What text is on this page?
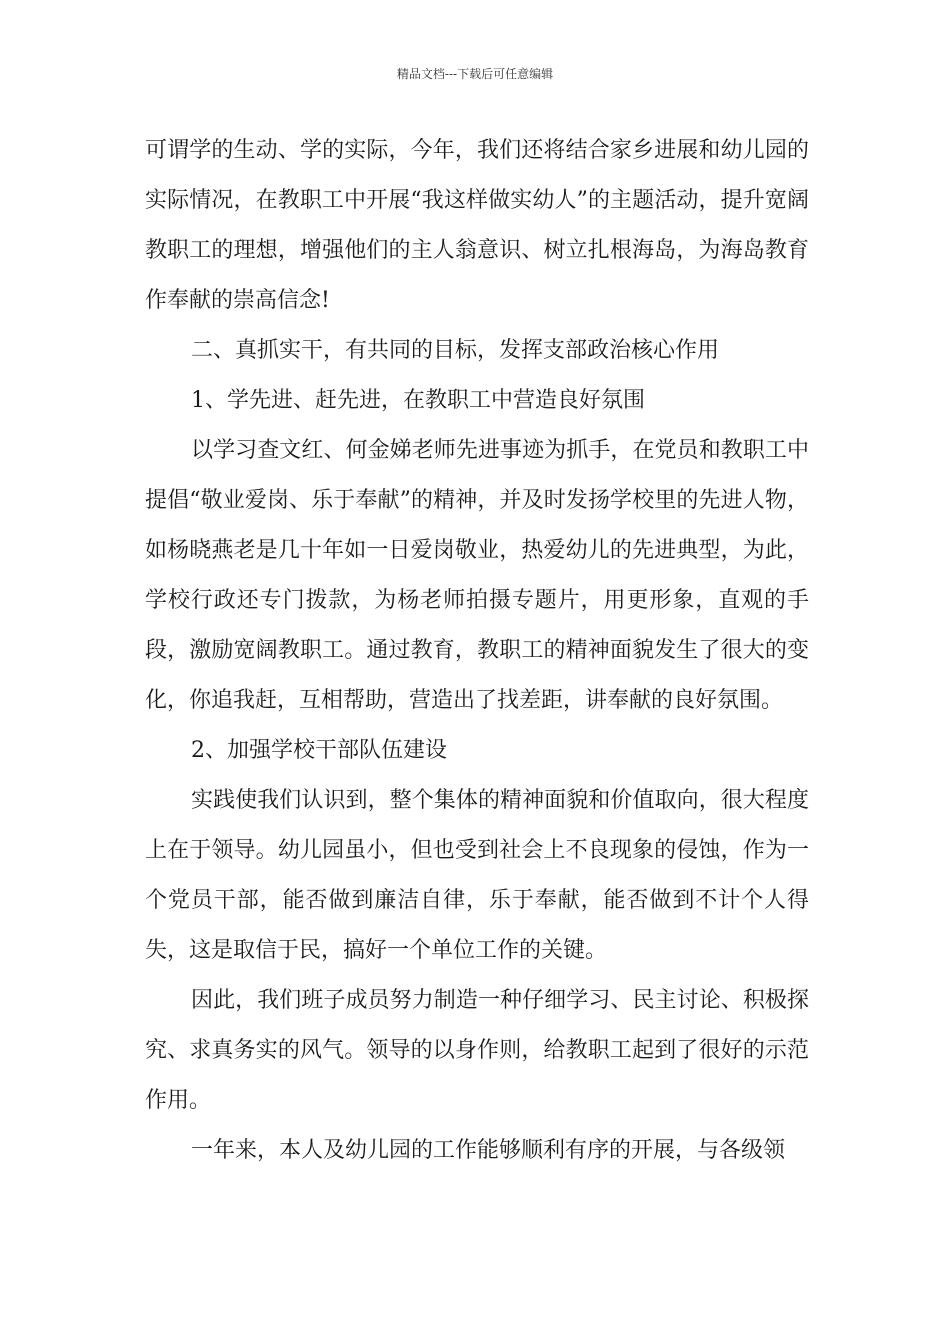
精品文档---下载后可任意编辑

可谓学的生动、学的实际，今年，我们还将结合家乡进展和幼儿园的实际情况，在教职工中开展“我这样做实幼人”的主题活动，提升宽阔教职工的理想，增强他们的主人翁意识、树立扎根海岛，为海岛教育作奉献的崇高信念!

二、真抓实干，有共同的目标，发挥支部政治核心作用

1、学先进、赶先进，在教职工中营造良好氛围

以学习查文红、何金娣老师先进事迹为抓手，在党员和教职工中提倡“敬业爱岗、乐于奉献”的精神，并及时发扬学校里的先进人物，如杨晓燕老是几十年如一日爱岗敬业，热爱幼儿的先进典型，为此，学校行政还专门拨款，为杨老师拍摄专题片，用更形象，直观的手段，激励宽阔教职工。通过教育，教职工的精神面貌发生了很大的变化，你追我赶，互相帮助，营造出了找差距，讲奉献的良好氛围。

2、加强学校干部队伍建设

实践使我们认识到，整个集体的精神面貌和价值取向，很大程度上在于领导。幼儿园虽小，但也受到社会上不良现象的侵蚀，作为一个党员干部，能否做到廉洁自律，乐于奉献，能否做到不计个人得失，这是取信于民，搞好一个单位工作的关键。

因此，我们班子成员努力制造一种仔细学习、民主讨论、积极探究、求真务实的风气。领导的以身作则，给教职工起到了很好的示范作用。

一年来，本人及幼儿园的工作能够顺利有序的开展，与各级领
